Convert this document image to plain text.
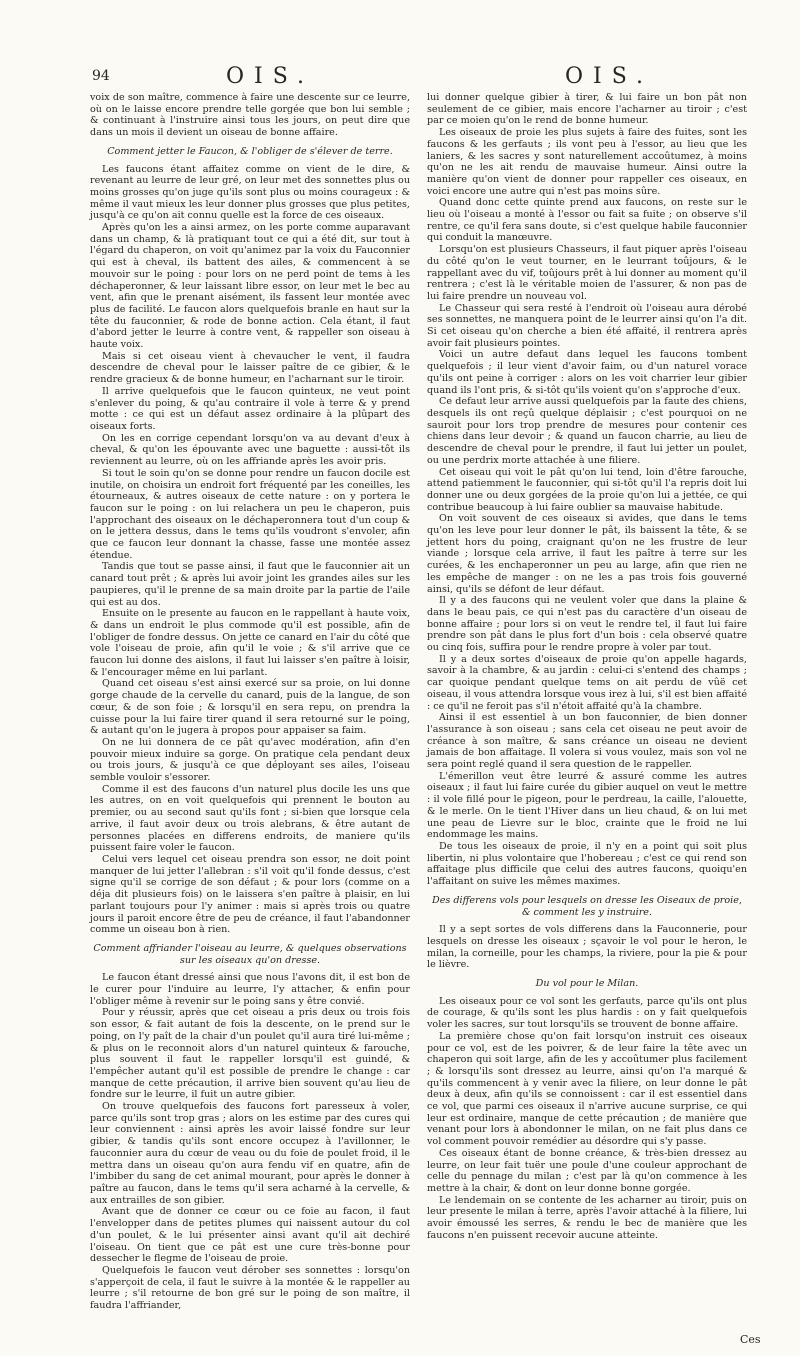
94	OIS.	OIS.

voix de son maître, commence à faire une descente sur ce leurre, où on le laisse encore prendre telle gorgée que bon lui semble ; & continuant à l'instruire ainsi tous les jours, on peut dire que dans un mois il devient un oiseau de bonne affaire.

Comment jetter le Faucon, & l'obliger de s'élever de terre.

Les faucons étant affaitez comme on vient de le dire, & revenant au leurre de leur gré, on leur met des sonnettes plus ou moins grosses qu'on juge qu'ils sont plus ou moins courageux : & même il vaut mieux les leur donner plus grosses que plus petites, jusqu'à ce qu'on ait connu quelle est la force de ces oiseaux.

Après qu'on les a ainsi armez, on les porte comme auparavant dans un champ, & là pratiquant tout ce qui a été dit, sur tout à l'égard du chaperon, on voit qu'animez par la voix du Fauconnier qui est à cheval, ils battent des ailes, & commencent à se mouvoir sur le poing : pour lors on ne perd point de tems à les déchaperonner, & leur laissant libre essor, on leur met le bec au vent, afin que le prenant aisément, ils fassent leur montée avec plus de facilité. Le faucon alors quelquefois branle en haut sur la tête du fauconnier, & rode de bonne action. Cela étant, il faut d'abord jetter le leurre à contre vent, & rappeller son oiseau à haute voix.

Mais si cet oiseau vient à chevaucher le vent, il faudra descendre de cheval pour le laisser paître de ce gibier, & le rendre gracieux & de bonne humeur, en l'acharnant sur le tiroir.

Il arrive quelquefois que le faucon quinteux, ne veut point s'enlever du poing, & qu'au contraire il vole à terre & y prend motte : ce qui est un défaut assez ordinaire à la plûpart des oiseaux forts.

On les en corrige cependant lorsqu'on va au devant d'eux à cheval, & qu'on les épouvante avec une baguette : aussi-tôt ils reviennent au leurre, où on les affriande après les avoir pris.

Si tout le soin qu'on se donne pour rendre un faucon docile est inutile, on choisira un endroit fort fréquenté par les coneilles, les étourneaux, & autres oiseaux de cette nature : on y portera le faucon sur le poing : on lui relachera un peu le chaperon, puis l'approchant des oiseaux on le déchaperonnera tout d'un coup & on le jettera dessus, dans le tems qu'ils voudront s'envoler, afin que ce faucon leur donnant la chasse, fasse une montée assez étendue.

Tandis que tout se passe ainsi, il faut que le fauconnier ait un canard tout prêt ; & après lui avoir joint les grandes ailes sur les paupieres, qu'il le prenne de sa main droite par la partie de l'aile qui est au dos.

Ensuite on le presente au faucon en le rappellant à haute voix, & dans un endroit le plus commode qu'il est possible, afin de l'obliger de fondre dessus. On jette ce canard en l'air du côté que vole l'oiseau de proie, afin qu'il le voie ; & s'il arrive que ce faucon lui donne des aislons, il faut lui laisser s'en paître à loisir, & l'encourager même en lui parlant.

Quand cet oiseau s'est ainsi exercé sur sa proie, on lui donne gorge chaude de la cervelle du canard, puis de la langue, de son cœur, & de son foie ; & lorsqu'il en sera repu, on prendra la cuisse pour la lui faire tirer quand il sera retourné sur le poing, & autant qu'on le jugera à propos pour appaiser sa faim.

On ne lui donnera de ce pât qu'avec modération, afin d'en pouvoir mieux induire sa gorge. On pratique cela pendant deux ou trois jours, & jusqu'à ce que déployant ses ailes, l'oiseau semble vouloir s'essorer.

Comme il est des faucons d'un naturel plus docile les uns que les autres, on en voit quelquefois qui prennent le bouton au premier, ou au second saut qu'ils font ; si-bien que lorsque cela arrive, il faut avoir deux ou trois alebrans, & être autant de personnes placées en differens endroits, de maniere qu'ils puissent faire voler le faucon.

Celui vers lequel cet oiseau prendra son essor, ne doit point manquer de lui jetter l'allebran : s'il voit qu'il fonde dessus, c'est signe qu'il se corrige de son défaut ; & pour lors (comme on a déja dit plusieurs fois) on le laissera s'en paître à plaisir, en lui parlant toujours pour l'y animer : mais si après trois ou quatre jours il paroit encore être de peu de créance, il faut l'abandonner comme un oiseau bon à rien.

Comment affriander l'oiseau au leurre, & quelques observations sur les oiseaux qu'on dresse.

Le faucon étant dressé ainsi que nous l'avons dit, il est bon de le curer pour l'induire au leurre, l'y attacher, & enfin pour l'obliger même à revenir sur le poing sans y être convié.

Pour y réussir, après que cet oiseau a pris deux ou trois fois son essor, & fait autant de fois la descente, on le prend sur le poing, on l'y paît de la chair d'un poulet qu'il aura tiré lui-même ; & plus on le reconnoit alors d'un naturel quinteux & farouche, plus souvent il faut le rappeller lorsqu'il est guindé, & l'empêcher autant qu'il est possible de prendre le change : car manque de cette précaution, il arrive bien souvent qu'au lieu de fondre sur le leurre, il fuit un autre gibier.

On trouve quelquefois des faucons fort paresseux à voler, parce qu'ils sont trop gras ; alors on les estime par des cures qui leur conviennent : ainsi après les avoir laissé fondre sur leur gibier, & tandis qu'ils sont encore occupez à l'avillonner, le fauconnier aura du cœur de veau ou du foie de poulet froid, il le mettra dans un oiseau qu'on aura fendu vif en quatre, afin de l'imbiber du sang de cet animal mourant, pour après le donner à paître au faucon, dans le tems qu'il sera acharné à la cervelle, & aux entrailles de son gibier.

Avant que de donner ce cœur ou ce foie au facon, il faut l'envelopper dans de petites plumes qui naissent autour du col d'un poulet, & le lui présenter ainsi avant qu'il ait dechiré l'oiseau. On tient que ce pât est une cure très-bonne pour dessecher le flegme de l'oiseau de proie.

Quelquefois le faucon veut dérober ses sonnettes : lorsqu'on s'apperçoit de cela, il faut le suivre à la montée & le rappeller au leurre ; s'il retourne de bon gré sur le poing de son maître, il faudra l'affriander,

lui donner quelque gibier à tirer, & lui faire un bon pât non seulement de ce gibier, mais encore l'acharner au tiroir ; c'est par ce moien qu'on le rend de bonne humeur.

Les oiseaux de proie les plus sujets à faire des fuites, sont les faucons & les gerfauts ; ils vont peu à l'essor, au lieu que les laniers, & les sacres y sont naturellement accoûtumez, à moins qu'on ne les ait rendu de mauvaise humeur. Ainsi outre la manière qu'on vient de donner pour rappeller ces oiseaux, en voici encore une autre qui n'est pas moins sûre.

Quand donc cette quinte prend aux faucons, on reste sur le lieu où l'oiseau a monté à l'essor ou fait sa fuite ; on observe s'il rentre, ce qu'il fera sans doute, si c'est quelque habile fauconnier qui conduit la manœuvre.

Lorsqu'on est plusieurs Chasseurs, il faut piquer après l'oiseau du côté qu'on le veut tourner, en le leurrant toûjours, & le rappellant avec du vif, toûjours prêt à lui donner au moment qu'il rentrera ; c'est là le véritable moien de l'assurer, & non pas de lui faire prendre un nouveau vol.

Le Chasseur qui sera resté à l'endroit où l'oiseau aura dérobé ses sonnettes, ne manquera point de le leurrer ainsi qu'on l'a dit. Si cet oiseau qu'on cherche a bien été affaité, il rentrera après avoir fait plusieurs pointes.

Voici un autre defaut dans lequel les faucons tombent quelquefois ; il leur vient d'avoir faim, ou d'un naturel vorace qu'ils ont peine à corriger : alors on les voit charrier leur gibier quand ils l'ont pris, & si-tôt qu'ils voient qu'on s'approche d'eux.

Ce defaut leur arrive aussi quelquefois par la faute des chiens, desquels ils ont reçû quelque déplaisir ; c'est pourquoi on ne sauroit pour lors trop prendre de mesures pour contenir ces chiens dans leur devoir ; & quand un faucon charrie, au lieu de descendre de cheval pour le prendre, il faut lui jetter un poulet, ou une perdrix morte attachée à une filiere.

Cet oiseau qui voit le pât qu'on lui tend, loin d'être farouche, attend patiemment le fauconnier, qui si-tôt qu'il l'a repris doit lui donner une ou deux gorgées de la proie qu'on lui a jettée, ce qui contribue beaucoup à lui faire oublier sa mauvaise habitude.

On voit souvent de ces oiseaux si avides, que dans le tems qu'on les leve pour leur donner le pât, ils baissent la tête, & se jettent hors du poing, craignant qu'on ne les frustre de leur viande ; lorsque cela arrive, il faut les paître à terre sur les curées, & les enchaperonner un peu au large, afin que rien ne les empêche de manger : on ne les a pas trois fois gouverné ainsi, qu'ils se défont de leur défaut.

Il y a des faucons qui ne veulent voler que dans la plaine & dans le beau pais, ce qui n'est pas du caractère d'un oiseau de bonne affaire ; pour lors si on veut le rendre tel, il faut lui faire prendre son pât dans le plus fort d'un bois : cela observé quatre ou cinq fois, suffira pour le rendre propre à voler par tout.

Il y a deux sortes d'oiseaux de proie qu'on appelle hagards, savoir à la chambre, & au jardin : celui-ci s'entend des champs ; car quoique pendant quelque tems on ait perdu de vûë cet oiseau, il vous attendra lorsque vous irez à lui, s'il est bien affaité : ce qu'il ne feroit pas s'il n'étoit affaité qu'à la chambre.

Ainsi il est essentiel à un bon fauconnier, de bien donner l'assurance à son oiseau ; sans cela cet oiseau ne peut avoir de créance à son maître, & sans créance un oiseau ne devient jamais de bon affaitage. Il volera si vous voulez, mais son vol ne sera point reglé quand il sera question de le rappeller.

L'émerillon veut être leurré & assuré comme les autres oiseaux ; il faut lui faire curée du gibier auquel on veut le mettre : il vole fillé pour le pigeon, pour le perdreau, la caille, l'alouette, & le merle. On le tient l'Hiver dans un lieu chaud, & on lui met une peau de Lievre sur le bloc, crainte que le froid ne lui endommage les mains.

De tous les oiseaux de proie, il n'y en a point qui soit plus libertin, ni plus volontaire que l'hobereau ; c'est ce qui rend son affaitage plus difficile que celui des autres faucons, quoiqu'en l'affaitant on suive les mêmes maximes.

Des differens vols pour lesquels on dresse les Oiseaux de proie, & comment les y instruire.

Il y a sept sortes de vols differens dans la Fauconnerie, pour lesquels on dresse les oiseaux ; sçavoir le vol pour le heron, le milan, la corneille, pour les champs, la riviere, pour la pie & pour le lièvre.

Du vol pour le Milan.

Les oiseaux pour ce vol sont les gerfauts, parce qu'ils ont plus de courage, & qu'ils sont les plus hardis : on y fait quelquefois voler les sacres, sur tout lorsqu'ils se trouvent de bonne affaire.

La première chose qu'on fait lorsqu'on instruit ces oiseaux pour ce vol, est de les poivrer, & de leur faire la tête avec un chaperon qui soit large, afin de les y accoûtumer plus facilement ; & lorsqu'ils sont dressez au leurre, ainsi qu'on l'a marqué & qu'ils commencent à y venir avec la filiere, on leur donne le pât deux à deux, afin qu'ils se connoissent : car il est essentiel dans ce vol, que parmi ces oiseaux il n'arrive aucune surprise, ce qui leur est ordinaire, manque de cette précaution ; de manière que venant pour lors à abondonner le milan, on ne fait plus dans ce vol comment pouvoir remédier au désordre qui s'y passe.

Ces oiseaux étant de bonne créance, & très-bien dressez au leurre, on leur fait tuër une poule d'une couleur approchant de celle du pennage du milan ; c'est par là qu'on commence à les mettre à la chair, & dont on leur donne bonne gorgée.

Le lendemain on se contente de les acharner au tiroir, puis on leur presente le milan à terre, après l'avoir attaché à la filiere, lui avoir émoussé les serres, & rendu le bec de manière que les faucons n'en puissent recevoir aucune atteinte.

Ces
